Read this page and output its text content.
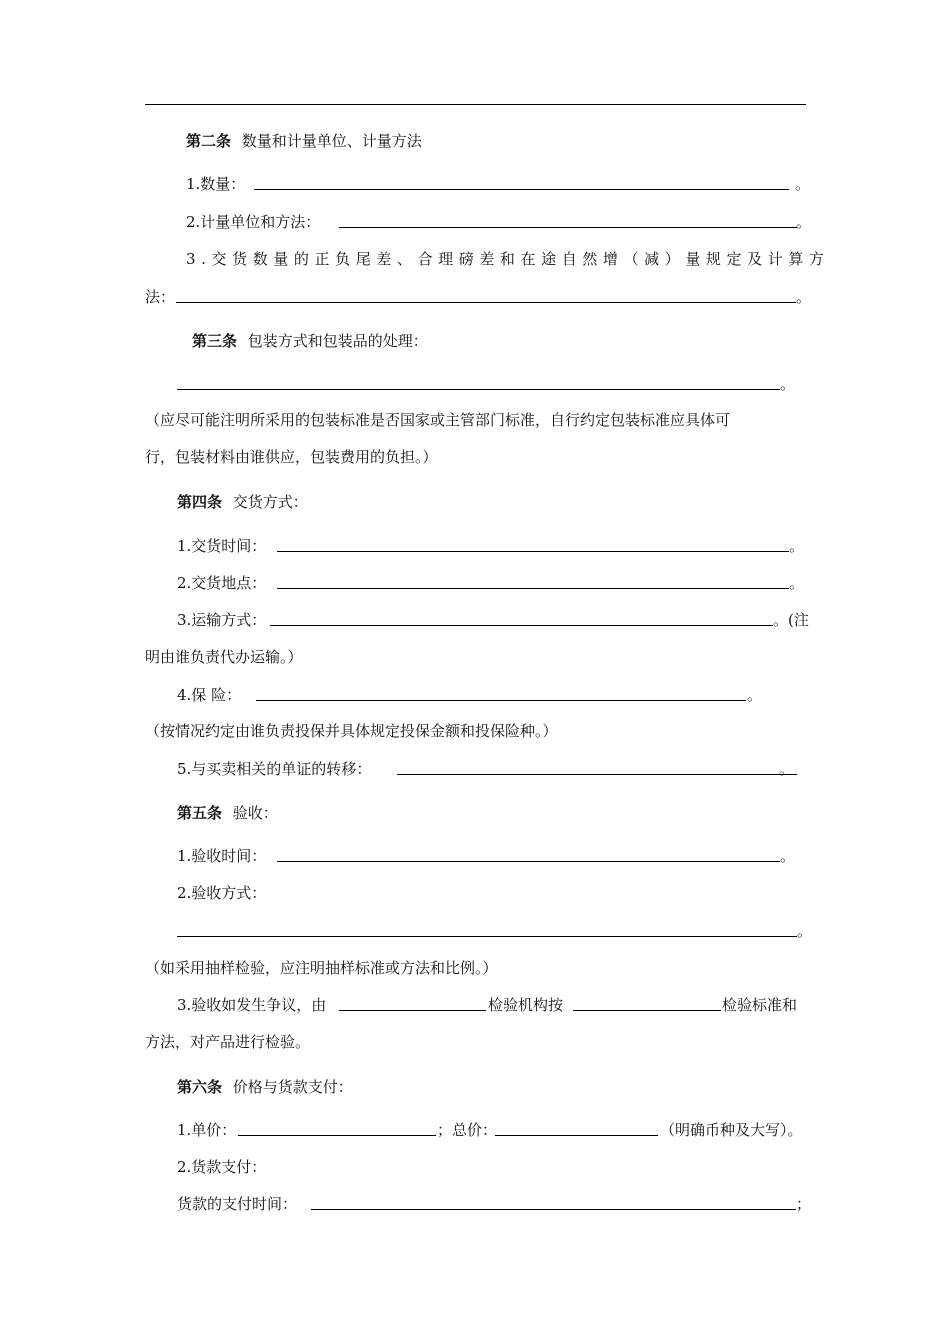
第二条 数量和计量单位、计量方法
1.数量：	。
2.计量单位和方法：	。
3.交货数量的正负尾差、合理磅差和在途自然增（减）量规定及计算方
法：	。
第三条 包装方式和包装品的处理：
。
（应尽可能注明所采用的包装标准是否国家或主管部门标准，自行约定包装标准应具体可
行，包装材料由谁供应，包装费用的负担。）
第四条 交货方式：
1.交货时间：	。
2.交货地点：	。
3.运输方式：	。(注
明由谁负责代办运输。）
4.保 险：	。
（按情况约定由谁负责投保并具体规定投保金额和投保险种。）
5.与买卖相关的单证的转移：	。
第五条 验收：
1.验收时间：	。
2.验收方式：
。
（如采用抽样检验，应注明抽样标准或方法和比例。）
3.验收如发生争议，由	检验机构按	检验标准和
方法，对产品进行检验。
第六条 价格与货款支付：
1.单价：	；总价：	（明确币种及大写）。
2.货款支付：
货款的支付时间：	；
